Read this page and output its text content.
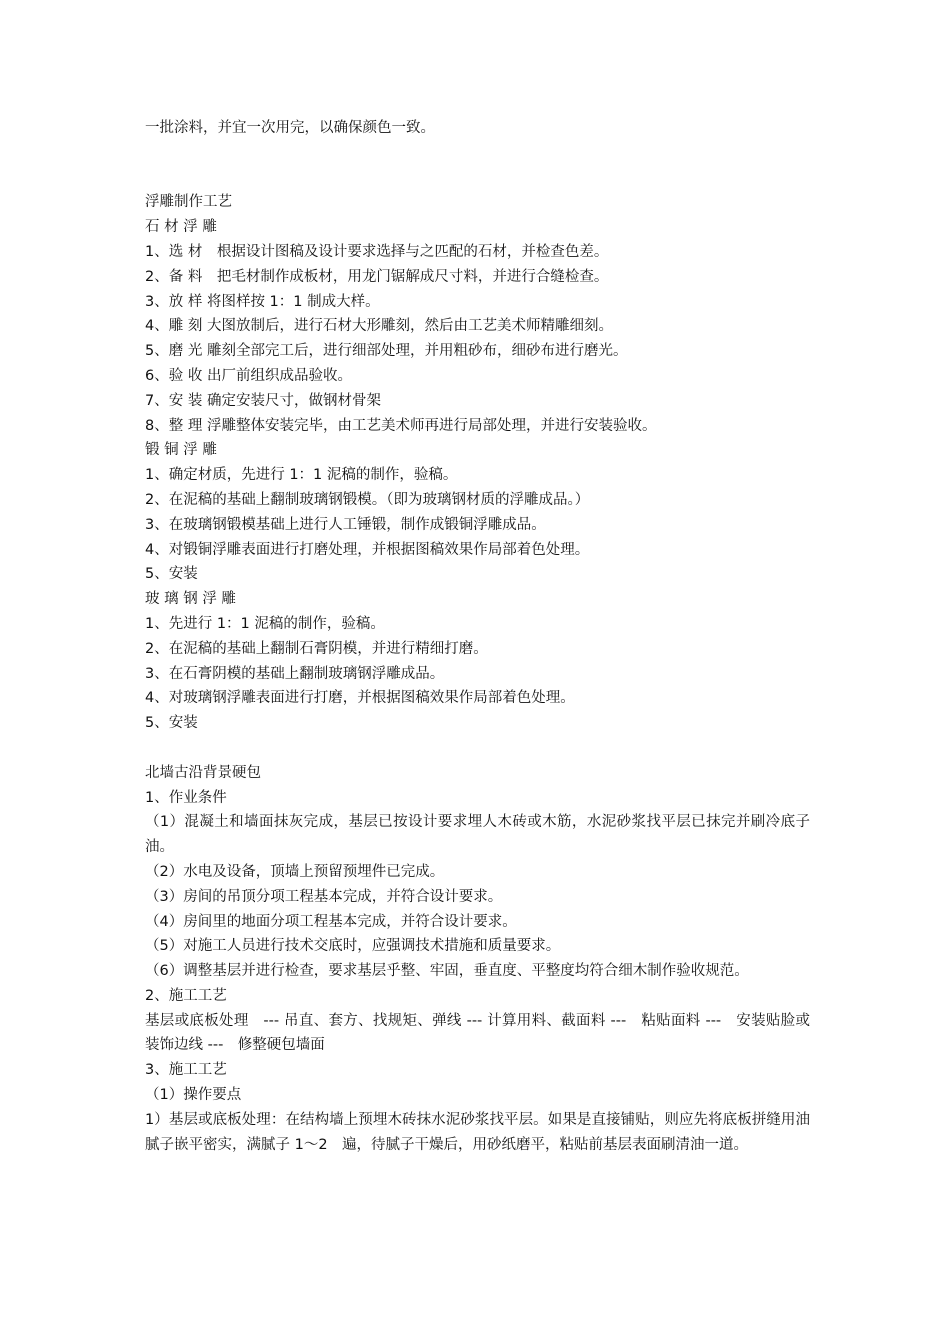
一批涂料，并宜一次用完，以确保颜色一致。
浮雕制作工艺
石 材 浮 雕
1、选 材　根据设计图稿及设计要求选择与之匹配的石材，并检查色差。
2、备 料　把毛材制作成板材，用龙门锯解成尺寸料，并进行合缝检查。
3、放 样 将图样按 1：1 制成大样。
4、雕 刻 大图放制后，进行石材大形雕刻，然后由工艺美术师精雕细刻。
5、磨 光 雕刻全部完工后，进行细部处理，并用粗砂布，细砂布进行磨光。
6、验 收 出厂前组织成品验收。
7、安 装 确定安装尺寸，做钢材骨架
8、整 理 浮雕整体安装完毕，由工艺美术师再进行局部处理，并进行安装验收。
锻 铜 浮 雕
1、确定材质，先进行 1：1 泥稿的制作，验稿。
2、在泥稿的基础上翻制玻璃钢锻模。（即为玻璃钢材质的浮雕成品。）
3、在玻璃钢锻模基础上进行人工锤锻，制作成锻铜浮雕成品。
4、对锻铜浮雕表面进行打磨处理，并根据图稿效果作局部着色处理。
5、安装
玻 璃 钢 浮 雕
1、先进行 1：1 泥稿的制作，验稿。
2、在泥稿的基础上翻制石膏阴模，并进行精细打磨。
3、在石膏阴模的基础上翻制玻璃钢浮雕成品。
4、对玻璃钢浮雕表面进行打磨，并根据图稿效果作局部着色处理。
5、安装
北墙古沿背景硬包
1、作业条件
（1）混凝土和墙面抹灰完成，基层已按设计要求埋人木砖或木筋，水泥砂浆找平层已抹完并刷冷底子油。
（2）水电及设备，顶墙上预留预埋件已完成。
（3）房间的吊顶分项工程基本完成，并符合设计要求。
（4）房间里的地面分项工程基本完成，并符合设计要求。
（5）对施工人员进行技术交底时，应强调技术措施和质量要求。
（6）调整基层并进行检查，要求基层乎整、牢固，垂直度、平整度均符合细木制作验收规范。
2、施工工艺
基层或底板处理　--- 吊直、套方、找规矩、弹线 --- 计算用料、截面料 ---　粘贴面料 ---　安装贴脸或装饰边线 ---　修整硬包墙面
3、施工工艺
（1）操作要点
1）基层或底板处理：在结构墙上预埋木砖抹水泥砂浆找平层。如果是直接铺贴，则应先将底板拼缝用油腻子嵌平密实，满腻子 1～2　遍，待腻子干燥后，用砂纸磨平，粘贴前基层表面刷清油一道。
